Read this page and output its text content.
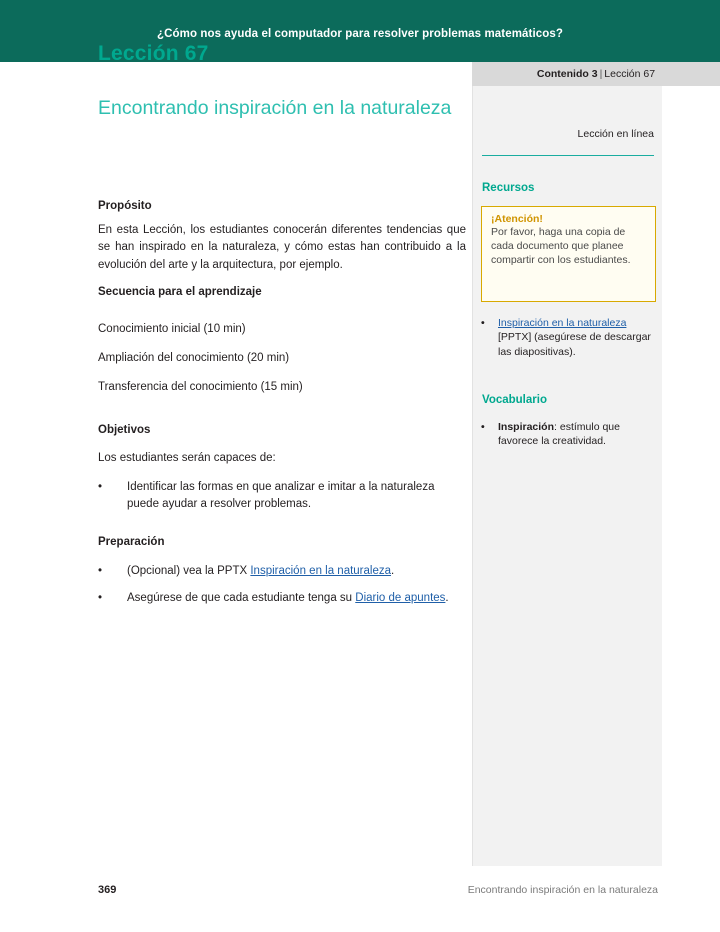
¿Cómo nos ayuda el computador para resolver problemas matemáticos?
Contenido 3 | Lección 67
Lección en línea
Recursos
¡Atención!
Por favor, haga una copia de cada documento que planee compartir con los estudiantes.
•	Inspiración en la naturaleza [PPTX] (asegúrese de descargar las diapositivas).
Vocabulario
•	Inspiración: estímulo que favorece la creatividad.
Lección 67
Encontrando inspiración en la naturaleza
Propósito
En esta Lección, los estudiantes conocerán diferentes tendencias que se han inspirado en la naturaleza, y cómo estas han contribuido a la evolución del arte y la arquitectura, por ejemplo.
Secuencia para el aprendizaje
Conocimiento inicial (10 min)
Ampliación del conocimiento (20 min)
Transferencia del conocimiento (15 min)
Objetivos
Los estudiantes serán capaces de:
•	Identificar las formas en que analizar e imitar a la naturaleza puede ayudar a resolver problemas.
Preparación
•	(Opcional) vea la PPTX Inspiración en la naturaleza.
•	Asegúrese de que cada estudiante tenga su Diario de apuntes.
369	Encontrando inspiración en la naturaleza
